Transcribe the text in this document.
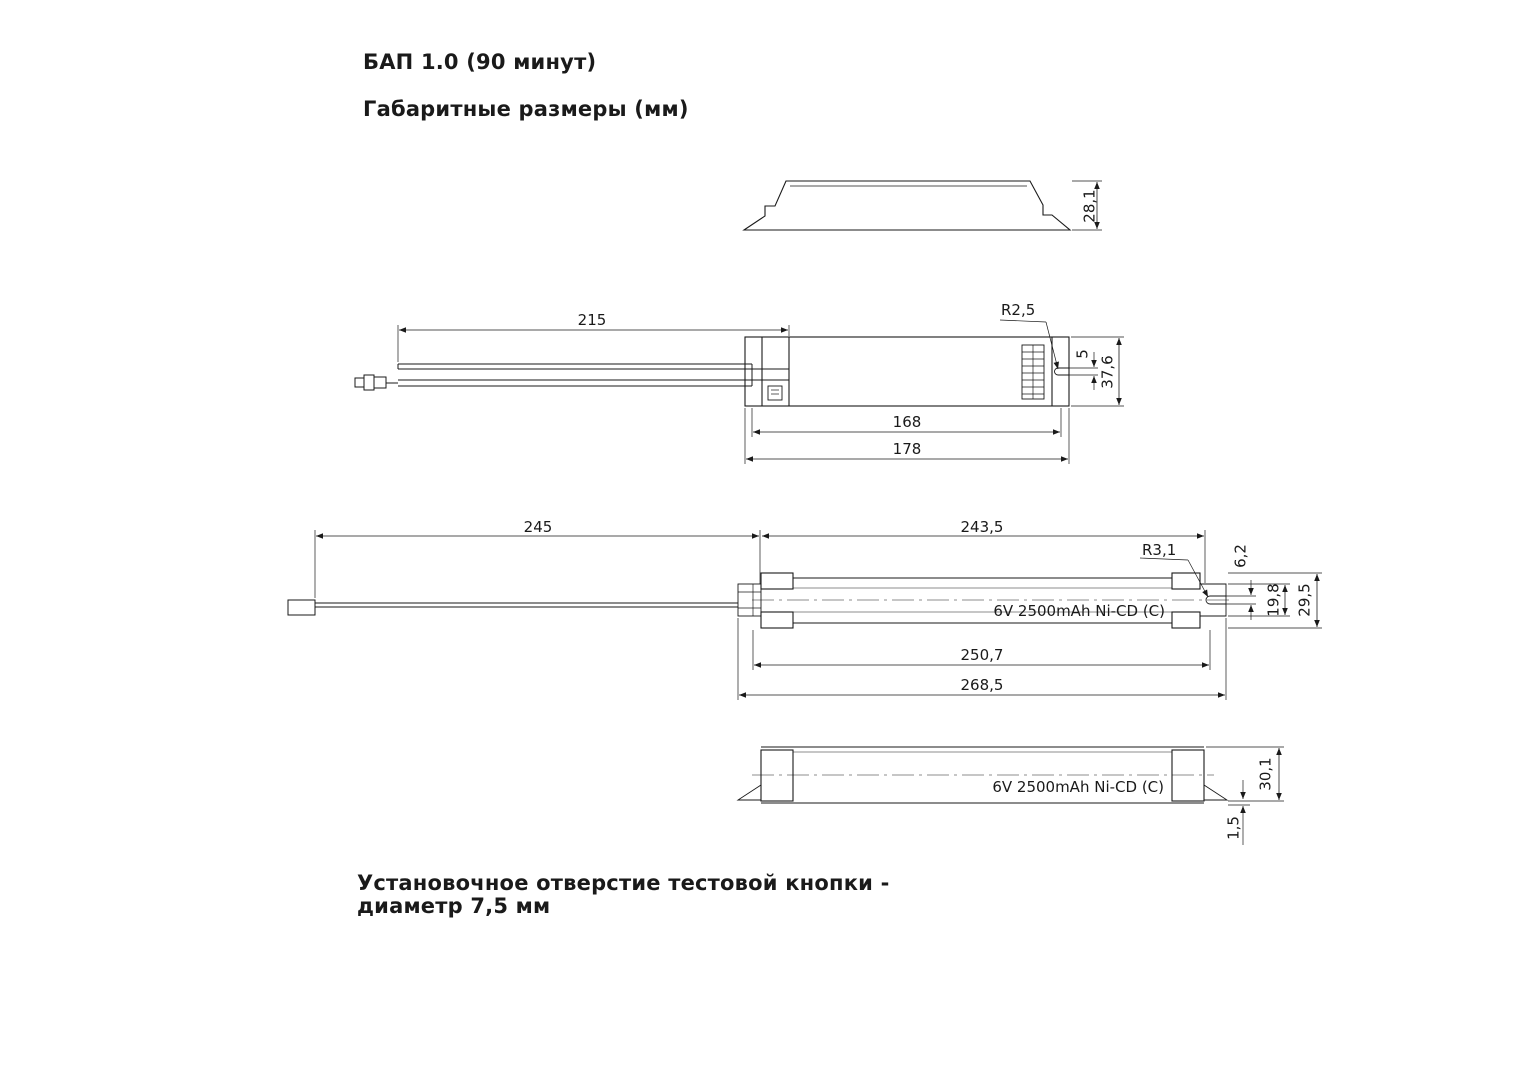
БАП 1.0 (90 минут)
Габаритные размеры (мм)

Установочное отверстие тестовой кнопки -
диаметр 7,5 мм

28,1
215
R2,5
5
37,6
168
178
245	243,5
R3,1	6,2
19,8 29,5
6V 2500mAh Ni-CD (C)
250,7
268,5
6V 2500mAh Ni-CD (C)	30,1
1,5
